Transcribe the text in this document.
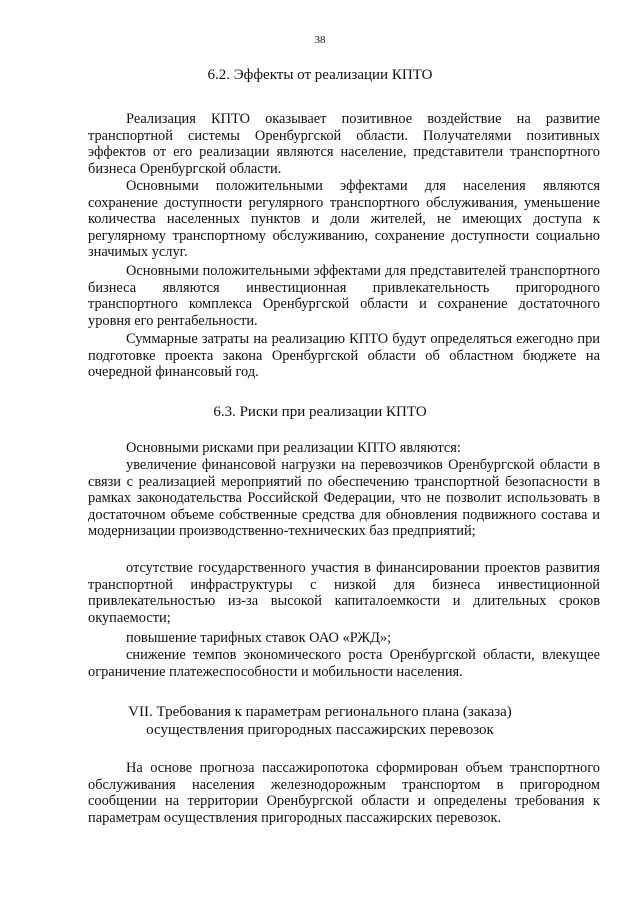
38
6.2. Эффекты от реализации КПТО

Реализация КПТО оказывает позитивное воздействие на развитие транспортной системы Оренбургской области. Получателями позитивных эффектов от его реализации являются население, представители транспортного бизнеса Оренбургской области.

Основными положительными эффектами для населения являются сохранение доступности регулярного транспортного обслуживания, уменьшение количества населенных пунктов и доли жителей, не имеющих доступа к регулярному транспортному обслуживанию, сохранение доступности социально значимых услуг.

Основными положительными эффектами для представителей транспортного бизнеса являются инвестиционная привлекательность пригородного транспортного комплекса Оренбургской области и сохранение достаточного уровня его рентабельности.

Суммарные затраты на реализацию КПТО будут определяться ежегодно при подготовке проекта закона Оренбургской области об областном бюджете на очередной финансовый год.

6.3. Риски при реализации КПТО

Основными рисками при реализации КПТО являются:

увеличение финансовой нагрузки на перевозчиков Оренбургской области в связи с реализацией мероприятий по обеспечению транспортной безопасности в рамках законодательства Российской Федерации, что не позволит использовать в достаточном объеме собственные средства для обновления подвижного состава и модернизации производственно-технических баз предприятий;

отсутствие государственного участия в финансировании проектов развития транспортной инфраструктуры с низкой для бизнеса инвестиционной привлекательностью из-за высокой капиталоемкости и длительных сроков окупаемости;

повышение тарифных ставок ОАО «РЖД»;

снижение темпов экономического роста Оренбургской области, влекущее ограничение платежеспособности и мобильности населения.

VII. Требования к параметрам регионального плана (заказа)
осуществления пригородных пассажирских перевозок

На основе прогноза пассажиропотока сформирован объем транспортного обслуживания населения железнодорожным транспортом в пригородном сообщении на территории Оренбургской области и определены требования к параметрам осуществления пригородных пассажирских перевозок.
